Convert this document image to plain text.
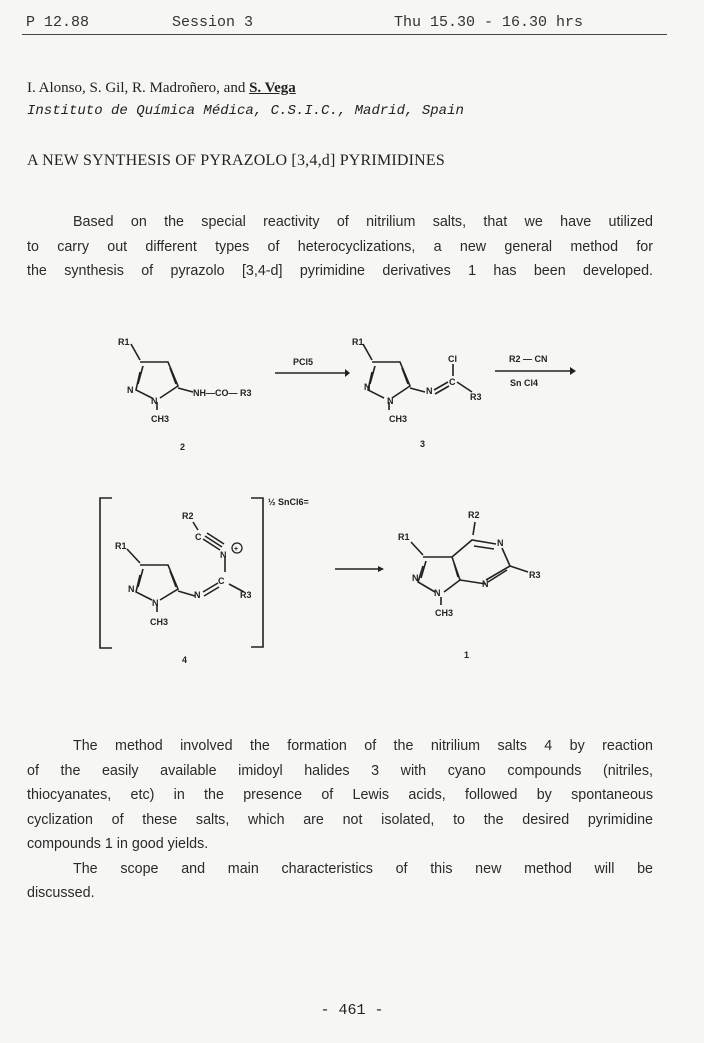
P 12.88	Session 3	Thu 15.30 - 16.30 hrs
I. Alonso, S. Gil, R. Madroñero, and S. Vega
Instituto de Química Médica, C.S.I.C., Madrid, Spain
A NEW SYNTHESIS OF PYRAZOLO [3,4,d] PYRIMIDINES
Based on the special reactivity of nitrilium salts, that we have utilized
to carry out different types of heterocyclizations, a new general method for
the synthesis of pyrazolo [3,4-d] pyrimidine derivatives 1 has been developed.
R1
N
N
NH—CO— R3
CH3
2
PCl5
R1
N
N
N
C
Cl
R3
CH3
3
R2 — CN
Sn Cl4
½ SnCl6=
R2
C
N
+
C
N	R3
R1
N
N
CH3
4
R1
R2
N
R3
N
N
N
CH3
1
The method involved the formation of the nitrilium salts 4 by reaction
of the easily available imidoyl halides 3 with cyano compounds (nitriles,
thiocyanates, etc) in the presence of Lewis acids, followed by spontaneous
cyclization of these salts, which are not isolated, to the desired pyrimidine
compounds 1 in good yields.
The scope and main characteristics of this new method will be
discussed.
- 461 -
